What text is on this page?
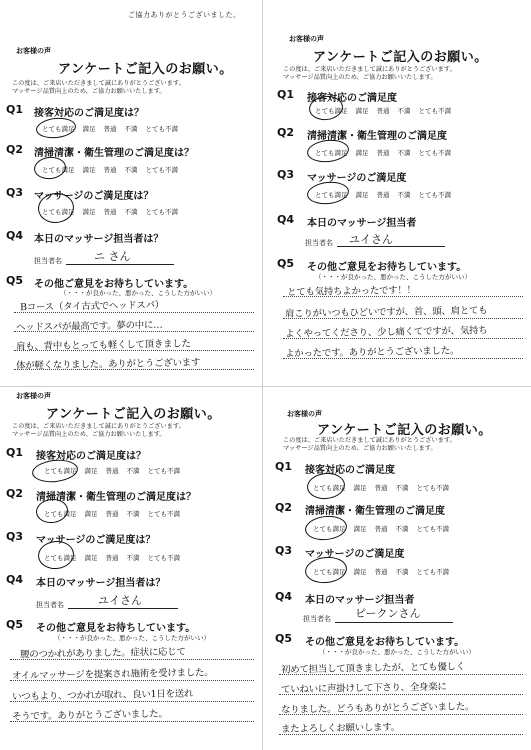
ご協力ありがとうございました。
お客様の声
アンケートご記入のお願い。
この度は、ご来店いただきまして誠にありがとうございます。
マッサージ品質向上のため、ご協力お願いいたします。
Q1 接客対応のご満足度は？
とても満足 満足 普通 不満 とても不満
Q2 清掃清潔・衛生管理のご満足度は？
とても満足 満足 普通 不満 とても不満
Q3 マッサージのご満足度は？
とても満足 満足 普通 不満 とても不満
Q4 本日のマッサージ担当者は？
担当者名	ニ さん
Q5 その他ご意見をお待ちしています。
（・・・が良かった、悪かった、こうした方がいい）
Bコース（タイ古式でヘッドスパ）
ヘッドスパが最高です。夢の中に…
肩も、背中もとっても軽くして頂きました
体が軽くなりました。ありがとうございます
お客様の声
アンケートご記入のお願い。
この度は、ご来店いただきまして誠にありがとうございます。
マッサージ品質向上のため、ご協力お願いいたします。
Q1 接客対応のご満足度
とても満足 満足 普通 不満 とても不満
Q2 清掃清潔・衛生管理のご満足度
とても満足 満足 普通 不満 とても不満
Q3 マッサージのご満足度
とても満足 満足 普通 不満 とても不満
Q4 本日のマッサージ担当者
担当者名 ユイさん
Q5 その他ご意見をお待ちしています。
（・・・が良かった、悪かった、こうした方がいい）
とても気持ちよかったです！！
肩こりがいつもひどいですが、首、頭、肩とても
よくやってくださり、少し痛くてですが、気持ち
よかったです。ありがとうございました。
お客様の声
アンケートご記入のお願い。
この度は、ご来店いただきまして誠にありがとうございます。
マッサージ品質向上のため、ご協力お願いいたします。
Q1 接客対応のご満足度は？
とても満足 満足 普通 不満 とても不満
Q2 清掃清潔・衛生管理のご満足度は？
とても満足 満足 普通 不満 とても不満
Q3 マッサージのご満足度は？
とても満足 満足 普通 不満 とても不満
Q4 本日のマッサージ担当者は？
担当者名	ユイさん
Q5 その他ご意見をお待ちしています。
（・・・が良かった、悪かった、こうした方がいい）
腰のつかれがありました。症状に応じて
オイルマッサージを提案され施術を受けました。
いつもより、つかれが取れ、良い1日を送れ
そうです。ありがとうございました。
お客様の声
アンケートご記入のお願い。
この度は、ご来店いただきまして誠にありがとうございます。
マッサージ品質向上のため、ご協力お願いいたします。
Q1 接客対応のご満足度
とても満足 満足 普通 不満 とても不満
Q2 清掃清潔・衛生管理のご満足度
とても満足 満足 普通 不満 とても不満
Q3 マッサージのご満足度
とても満足 満足 普通 不満 とても不満
Q4 本日のマッサージ担当者
担当者名 ピークンさん
Q5 その他ご意見をお待ちしています。
（・・・が良かった、悪かった、こうした方がいい）
初めて担当して頂きましたが、とても優しく
ていねいに声掛けして下さり、全身楽に
なりました。どうもありがとうございました。
またよろしくお願いします。
